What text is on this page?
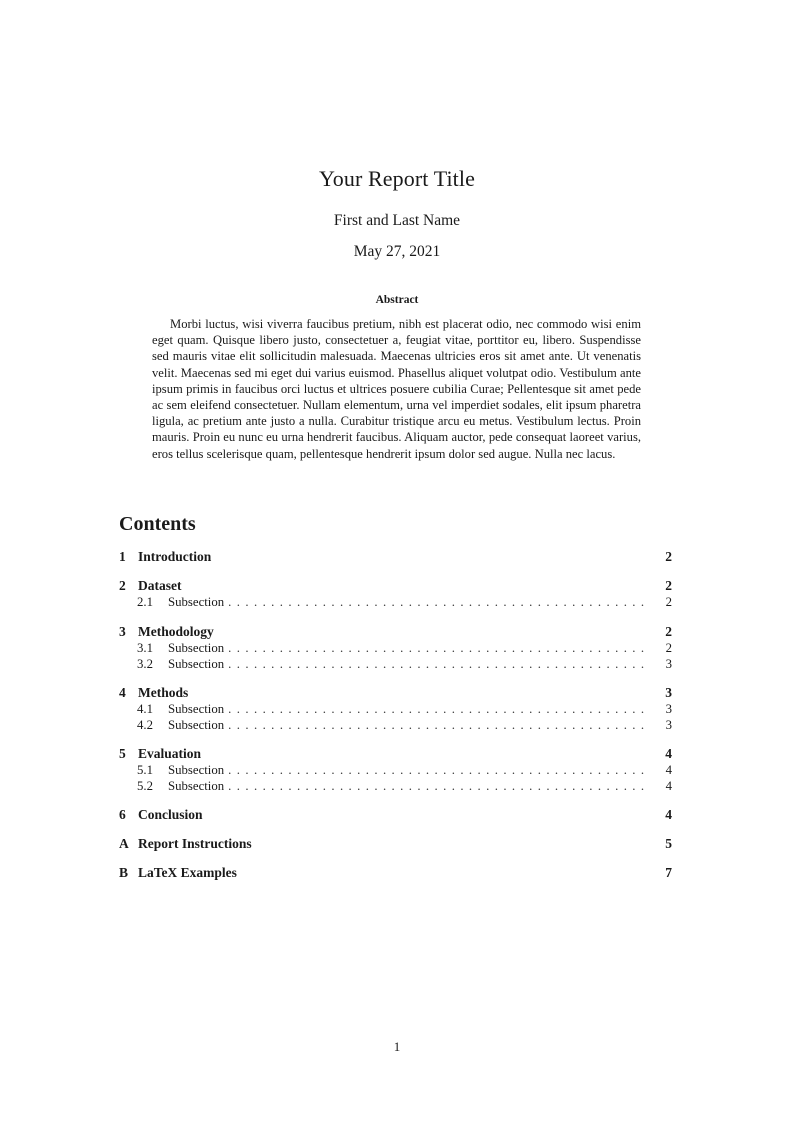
Your Report Title
First and Last Name
May 27, 2021
Abstract
Morbi luctus, wisi viverra faucibus pretium, nibh est placerat odio, nec commodo wisi enim eget quam. Quisque libero justo, consectetuer a, feugiat vitae, porttitor eu, libero. Suspendisse sed mauris vitae elit sollicitudin malesuada. Maecenas ultricies eros sit amet ante. Ut venenatis velit. Maecenas sed mi eget dui varius euismod. Phasellus aliquet volutpat odio. Vestibulum ante ipsum primis in faucibus orci luctus et ultrices posuere cubilia Curae; Pellentesque sit amet pede ac sem eleifend consectetuer. Nullam elementum, urna vel imperdiet sodales, elit ipsum pharetra ligula, ac pretium ante justo a nulla. Curabitur tristique arcu eu metus. Vestibulum lectus. Proin mauris. Proin eu nunc eu urna hendrerit faucibus. Aliquam auctor, pede consequat laoreet varius, eros tellus scelerisque quam, pellentesque hendrerit ipsum dolor sed augue. Nulla nec lacus.
Contents
1 Introduction	2
2 Dataset	2
2.1	Subsection . . .	2
3 Methodology	2
3.1	Subsection . . .	2
3.2	Subsection . . .	3
4 Methods	3
4.1	Subsection . . .	3
4.2	Subsection . . .	3
5 Evaluation	4
5.1	Subsection . . .	4
5.2	Subsection . . .	4
6 Conclusion	4
A Report Instructions	5
B LaTeX Examples	7
1
